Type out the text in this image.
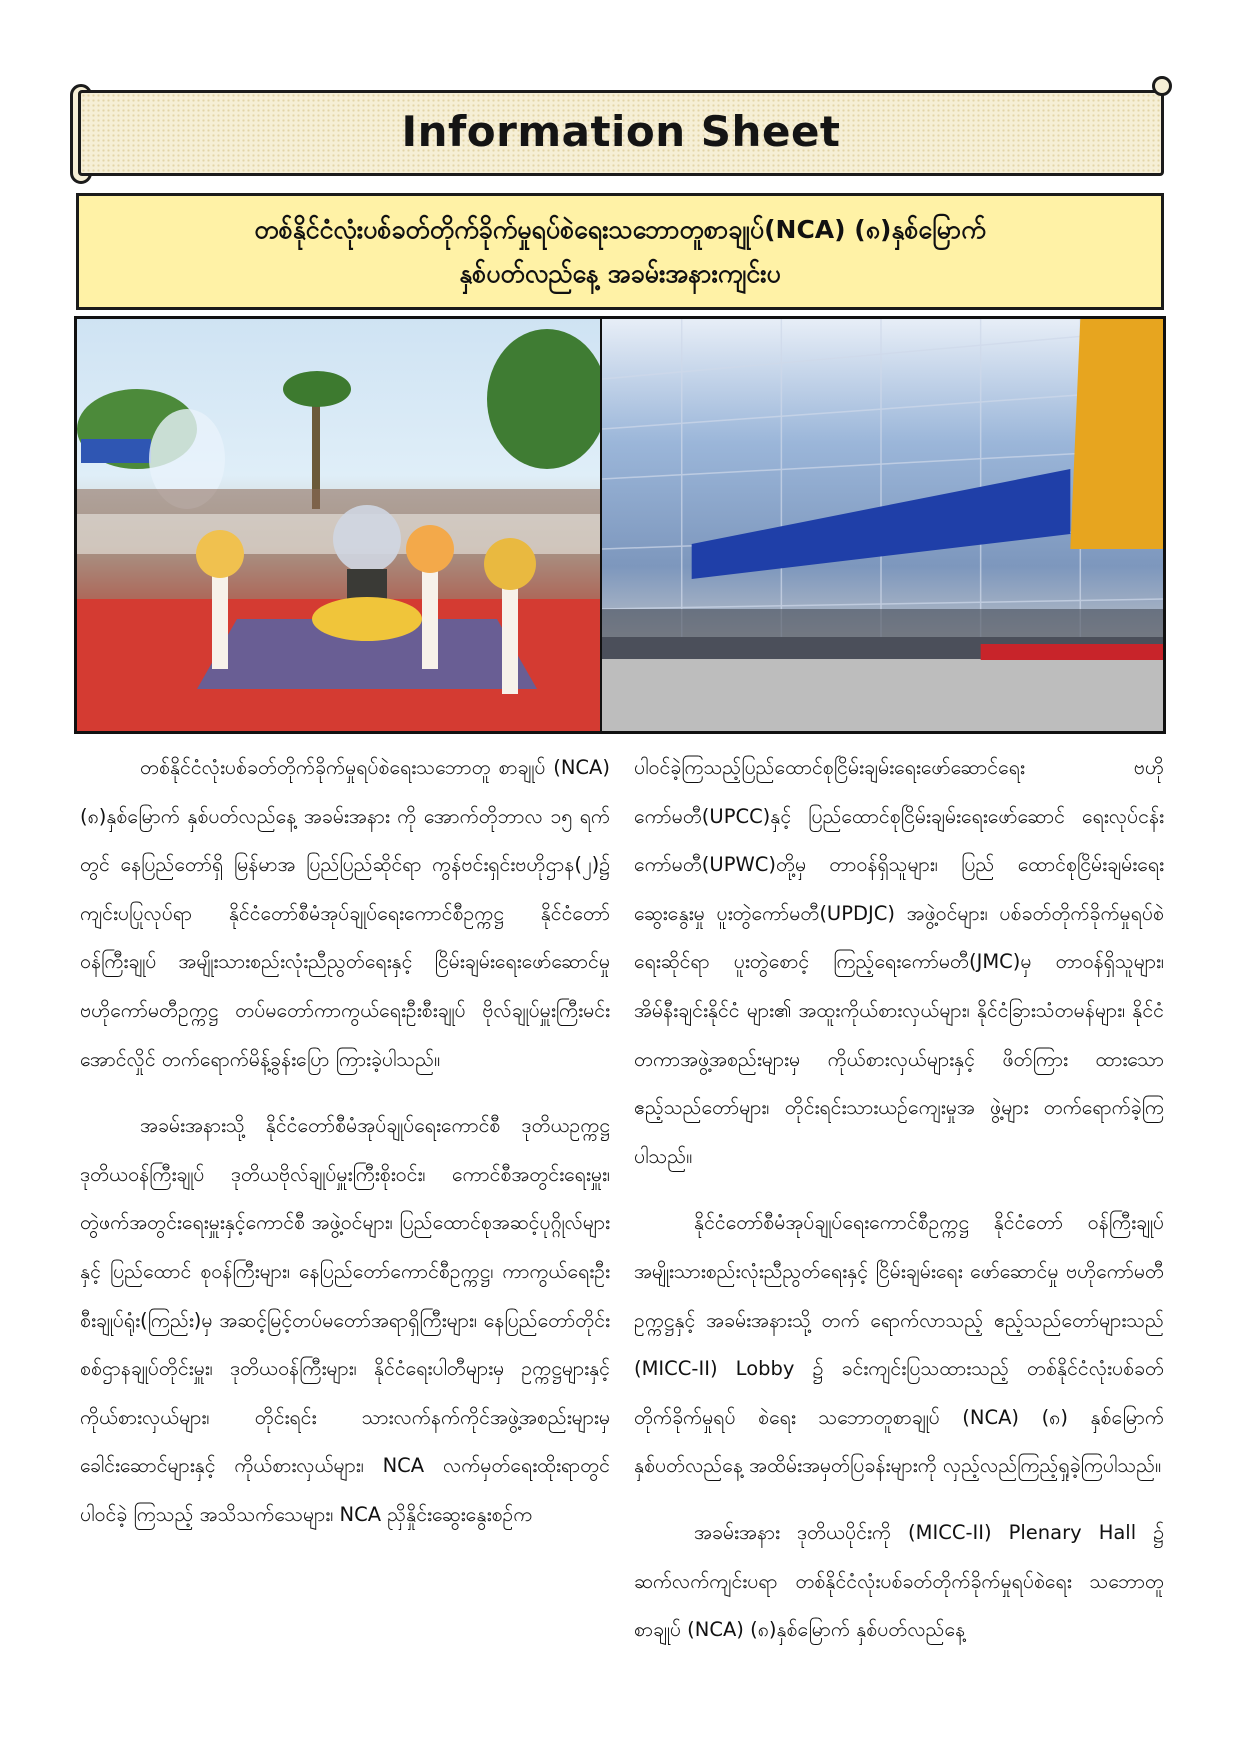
Information Sheet
တစ်နိုင်ငံလုံးပစ်ခတ်တိုက်ခိုက်မှုရပ်စဲရေးသဘောတူစာချုပ်(NCA) (၈)နှစ်မြောက်
နှစ်ပတ်လည်နေ့ အခမ်းအနားကျင်းပ

တစ်နိုင်ငံလုံးပစ်ခတ်တိုက်ခိုက်မှုရပ်စဲရေးသဘောတူ စာချုပ် (NCA) (၈)နှစ်မြောက် နှစ်ပတ်လည်နေ့ အခမ်းအနား ကို အောက်တိုဘာလ ၁၅ ရက်တွင် နေပြည်တော်ရှိ မြန်မာအ ပြည်ပြည်ဆိုင်ရာ ကွန်ဗင်းရှင်းဗဟိုဌာန(၂)၌ ကျင်းပပြုလုပ်ရာ နိုင်ငံတော်စီမံအုပ်ချုပ်ရေးကောင်စီဥက္ကဋ္ဌ နိုင်ငံတော်ဝန်ကြီးချုပ် အမျိုးသားစည်းလုံးညီညွတ်ရေးနှင့် ငြိမ်းချမ်းရေးဖော်ဆောင်မှု ဗဟိုကော်မတီဥက္ကဋ္ဌ တပ်မတော်ကာကွယ်ရေးဦးစီးချုပ် ဗိုလ်ချုပ်မှူးကြီးမင်းအောင်လှိုင် တက်ရောက်မိန့်ခွန်းပြော ကြားခဲ့ပါသည်။

အခမ်းအနားသို့ နိုင်ငံတော်စီမံအုပ်ချုပ်ရေးကောင်စီ ဒုတိယဥက္ကဋ္ဌ ဒုတိယဝန်ကြီးချုပ် ဒုတိယဗိုလ်ချုပ်မှူးကြီးစိုးဝင်း၊ ကောင်စီအတွင်းရေးမှူး၊ တွဲဖက်အတွင်းရေးမှူးနှင့်ကောင်စီ အဖွဲ့ဝင်များ၊ ပြည်ထောင်စုအဆင့်ပုဂ္ဂိုလ်များနှင့် ပြည်ထောင် စုဝန်ကြီးများ၊ နေပြည်တော်ကောင်စီဥက္ကဋ္ဌ၊ ကာကွယ်ရေးဦး စီးချုပ်ရုံး(ကြည်း)မှ အဆင့်မြင့်တပ်မတော်အရာရှိကြီးများ၊ နေပြည်တော်တိုင်းစစ်ဌာနချုပ်တိုင်းမှူး၊ ဒုတိယဝန်ကြီးများ၊ နိုင်ငံရေးပါတီများမှ ဥက္ကဋ္ဌများနှင့် ကိုယ်စားလှယ်များ၊ တိုင်းရင်း သားလက်နက်ကိုင်အဖွဲ့အစည်းများမှ ခေါင်းဆောင်များနှင့် ကိုယ်စားလှယ်များ၊ NCA လက်မှတ်ရေးထိုးရာတွင် ပါဝင်ခဲ့ ကြသည့် အသိသက်သေများ၊ NCA ညှိနှိုင်းဆွေးနွေးစဉ်က

ပါဝင်ခဲ့ကြသည့်ပြည်ထောင်စုငြိမ်းချမ်းရေးဖော်ဆောင်ရေး ဗဟို ကော်မတီ(UPCC)နှင့် ပြည်ထောင်စုငြိမ်းချမ်းရေးဖော်ဆောင် ရေးလုပ်ငန်းကော်မတီ(UPWC)တို့မှ တာဝန်ရှိသူများ၊ ပြည် ထောင်စုငြိမ်းချမ်းရေးဆွေးနွေးမှု ပူးတွဲကော်မတီ(UPDJC) အဖွဲ့ဝင်များ၊ ပစ်ခတ်တိုက်ခိုက်မှုရပ်စဲရေးဆိုင်ရာ ပူးတွဲစောင့် ကြည့်ရေးကော်မတီ(JMC)မှ တာဝန်ရှိသူများ၊ အိမ်နီးချင်းနိုင်ငံ များ၏ အထူးကိုယ်စားလှယ်များ၊ နိုင်ငံခြားသံတမန်များ၊ နိုင်ငံ တကာအဖွဲ့အစည်းများမှ ကိုယ်စားလှယ်များနှင့် ဖိတ်ကြား ထားသော ဧည့်သည်တော်များ၊ တိုင်းရင်းသားယဉ်ကျေးမှုအ ဖွဲ့များ တက်ရောက်ခဲ့ကြပါသည်။

နိုင်ငံတော်စီမံအုပ်ချုပ်ရေးကောင်စီဥက္ကဋ္ဌ နိုင်ငံတော် ဝန်ကြီးချုပ် အမျိုးသားစည်းလုံးညီညွတ်ရေးနှင့် ငြိမ်းချမ်းရေး ဖော်ဆောင်မှု ဗဟိုကော်မတီဥက္ကဋ္ဌနှင့် အခမ်းအနားသို့ တက် ရောက်လာသည့် ဧည့်သည်တော်များသည် (MICC-II) Lobby ၌ ခင်းကျင်းပြသထားသည့် တစ်နိုင်ငံလုံးပစ်ခတ်တိုက်ခိုက်မှုရပ် စဲရေး သဘောတူစာချုပ် (NCA) (၈) နှစ်မြောက် နှစ်ပတ်လည်နေ့ အထိမ်းအမှတ်ပြခန်းများကို လှည့်လည်ကြည့်ရှုခဲ့ကြပါသည်။

အခမ်းအနား ဒုတိယပိုင်းကို (MICC-II) Plenary Hall ၌ ဆက်လက်ကျင်းပရာ တစ်နိုင်ငံလုံးပစ်ခတ်တိုက်ခိုက်မှုရပ်စဲရေး သဘောတူစာချုပ် (NCA) (၈)နှစ်မြောက် နှစ်ပတ်လည်နေ့
